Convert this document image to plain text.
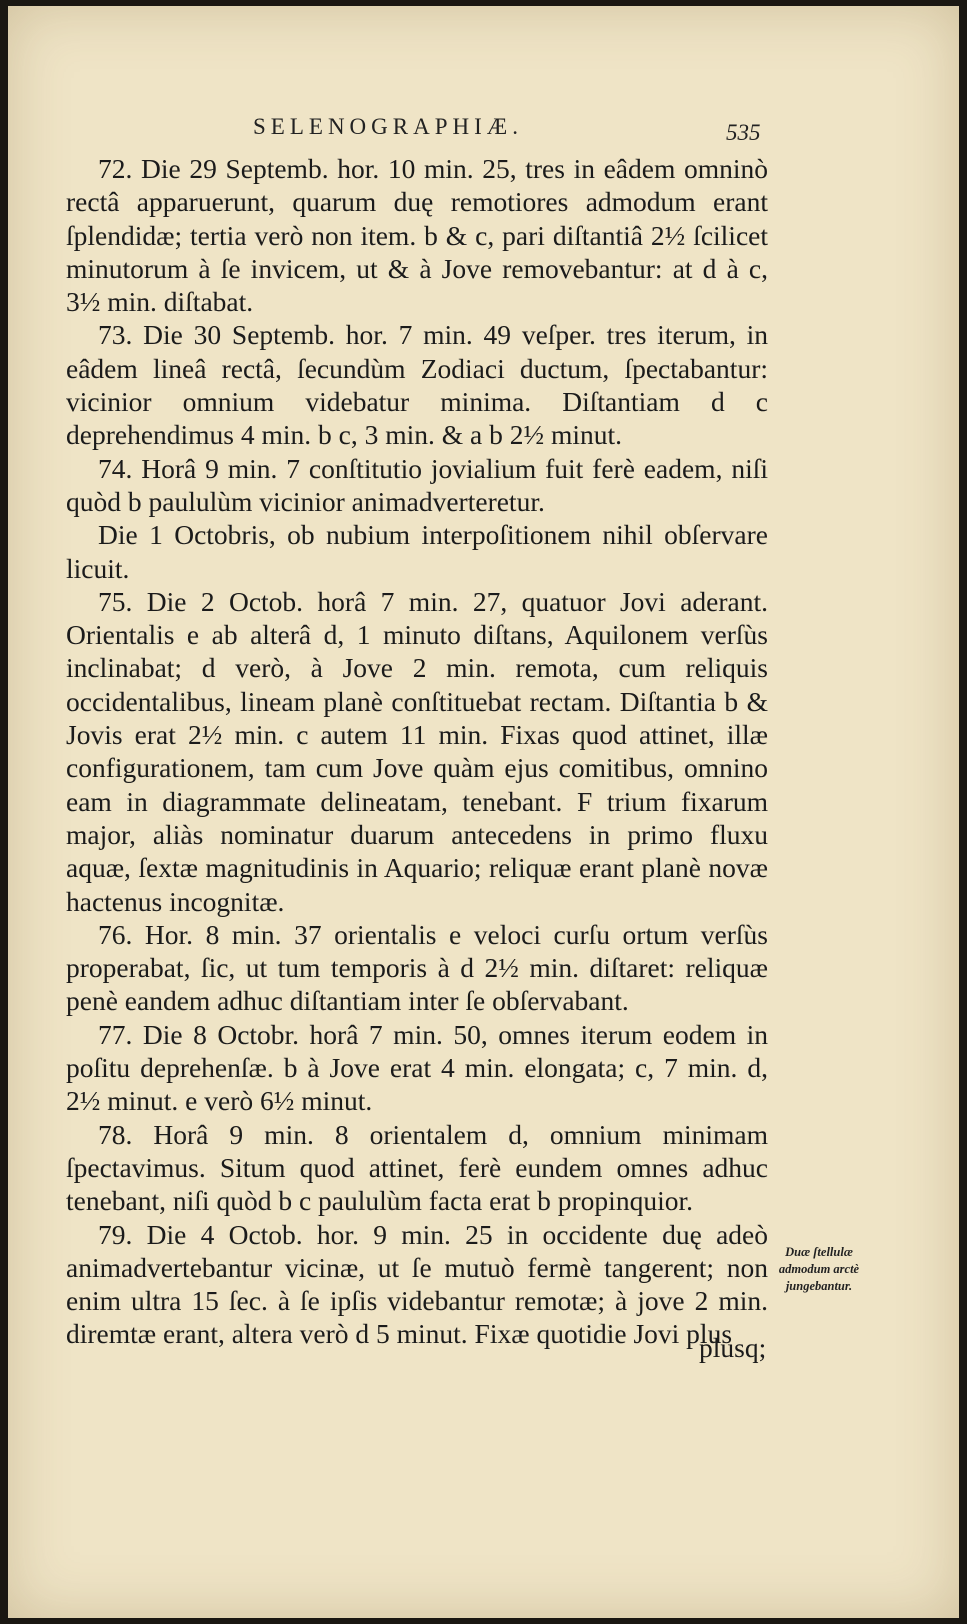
SELENOGRAPHIÆ.	535

72. Die 29 Septemb. hor. 10 min. 25, tres in eâdem omninò rectâ apparuerunt, quarum duę remotiores admodum erant ſplendidæ; tertia verò non item. b & c, pari diſtantiâ 2½ ſcilicet minutorum à ſe invicem, ut & à Jove removebantur: at d à c, 3½ min. diſtabat.

73. Die 30 Septemb. hor. 7 min. 49 veſper. tres iterum, in eâdem lineâ rectâ, ſecundùm Zodiaci ductum, ſpectabantur: vicinior omnium videbatur minima. Diſtantiam d c deprehendimus 4 min. b c, 3 min. & a b 2½ minut.

74. Horâ 9 min. 7 conſtitutio jovialium fuit ferè eadem, niſi quòd b paululùm vicinior animadverteretur.

Die 1 Octobris, ob nubium interpoſitionem nihil obſervare licuit.

75. Die 2 Octob. horâ 7 min. 27, quatuor Jovi aderant. Orientalis e ab alterâ d, 1 minuto diſtans, Aquilonem verſùs inclinabat; d verò, à Jove 2 min. remota, cum reliquis occidentalibus, lineam planè conſtituebat rectam. Diſtantia b & Jovis erat 2½ min. c autem 11 min. Fixas quod attinet, illæ configurationem, tam cum Jove quàm ejus comitibus, omnino eam in diagrammate delineatam, tenebant. F trium fixarum major, aliàs nominatur duarum antecedens in primo fluxu aquæ, ſextæ magnitudinis in Aquario; reliquæ erant planè novæ hactenus incognitæ.

76. Hor. 8 min. 37 orientalis e veloci curſu ortum verſùs properabat, ſic, ut tum temporis à d 2½ min. diſtaret: reliquæ penè eandem adhuc diſtantiam inter ſe obſervabant.

77. Die 8 Octobr. horâ 7 min. 50, omnes iterum eodem in poſitu deprehenſæ. b à Jove erat 4 min. elongata; c, 7 min. d, 2½ minut. e verò 6½ minut.

78. Horâ 9 min. 8 orientalem d, omnium minimam ſpectavimus. Situm quod attinet, ferè eundem omnes adhuc tenebant, niſi quòd b c paululùm facta erat b propinquior.

79. Die 4 Octob. hor. 9 min. 25 in occidente duę adeò animadvertebantur vicinæ, ut ſe mutuò fermè tangerent; non enim ultra 15 ſec. à ſe ipſis videbantur remotæ; à jove 2 min. diremtæ erant, altera verò d 5 minut. Fixæ quotidie Jovi plus

plusq;
Duæ ſtellulæ admodum arctè jungebantur.
